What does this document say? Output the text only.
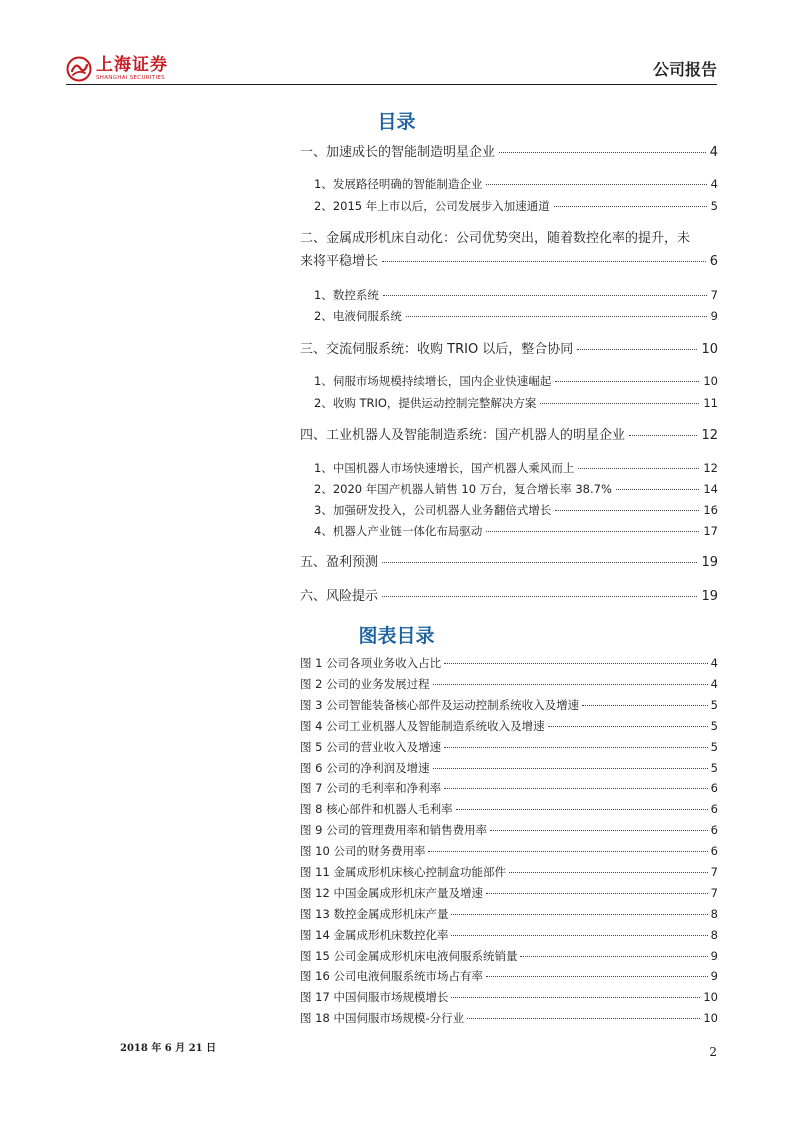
上海证券
SHANGHAI SECURITIES	公司报告
目录
一、加速成长的智能制造明星企业	4
1、发展路径明确的智能制造企业	4
2、2015 年上市以后，公司发展步入加速通道	5
二、金属成形机床自动化：公司优势突出，随着数控化率的提升，未
来将平稳增长	6
1、数控系统	7
2、电液伺服系统	9
三、交流伺服系统：收购 TRIO 以后，整合协同	10
1、伺服市场规模持续增长，国内企业快速崛起	10
2、收购 TRIO，提供运动控制完整解决方案	11
四、工业机器人及智能制造系统：国产机器人的明星企业	12
1、中国机器人市场快速增长，国产机器人乘风而上	12
2、2020 年国产机器人销售 10 万台，复合增长率 38.7%	14
3、加强研发投入，公司机器人业务翻倍式增长	16
4、机器人产业链一体化布局驱动	17
五、盈利预测	19
六、风险提示	19
图表目录
图 1 公司各项业务收入占比	4
图 2 公司的业务发展过程	4
图 3 公司智能装备核心部件及运动控制系统收入及增速	5
图 4 公司工业机器人及智能制造系统收入及增速	5
图 5 公司的营业收入及增速	5
图 6 公司的净利润及增速	5
图 7 公司的毛利率和净利率	6
图 8 核心部件和机器人毛利率	6
图 9 公司的管理费用率和销售费用率	6
图 10 公司的财务费用率	6
图 11 金属成形机床核心控制盒功能部件	7
图 12 中国金属成形机床产量及增速	7
图 13 数控金属成形机床产量	8
图 14 金属成形机床数控化率	8
图 15 公司金属成形机床电液伺服系统销量	9
图 16 公司电液伺服系统市场占有率	9
图 17 中国伺服市场规模增长	10
图 18 中国伺服市场规模-分行业	10
2018 年 6 月 21 日	2
